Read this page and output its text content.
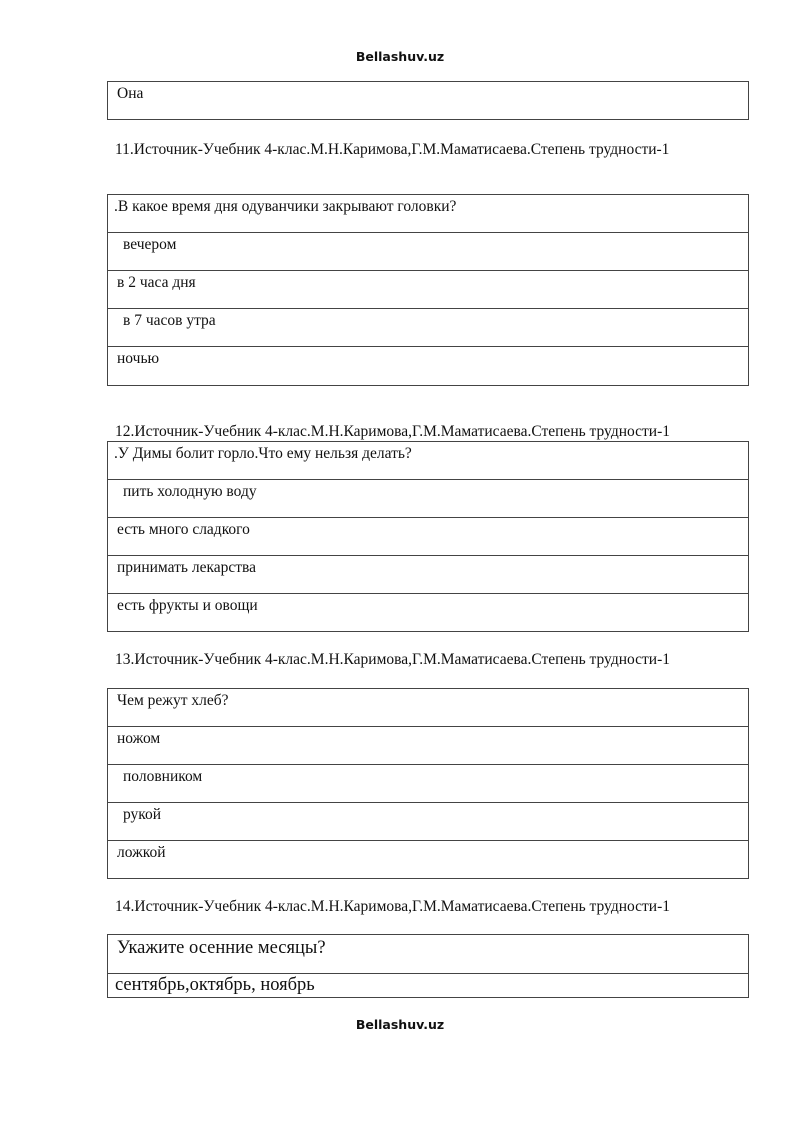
Bellashuv.uz
Она
11.Источник-Учебник 4-клас.М.Н.Каримова,Г.М.Маматисаева.Степень трудности-1
.В какое время дня одуванчики закрывают головки?
вечером
в 2 часа дня
в 7 часов утра
ночью
12.Источник-Учебник 4-клас.М.Н.Каримова,Г.М.Маматисаева.Степень трудности-1
.У Димы болит горло.Что ему нельзя делать?
пить холодную воду
есть много сладкого
принимать лекарства
есть фрукты и овощи
13.Источник-Учебник 4-клас.М.Н.Каримова,Г.М.Маматисаева.Степень трудности-1
Чем режут хлеб?
ножом
половником
рукой
ложкой
14.Источник-Учебник 4-клас.М.Н.Каримова,Г.М.Маматисаева.Степень трудности-1
Укажите осенние месяцы?
сентябрь,октябрь, ноябрь
Bellashuv.uz
